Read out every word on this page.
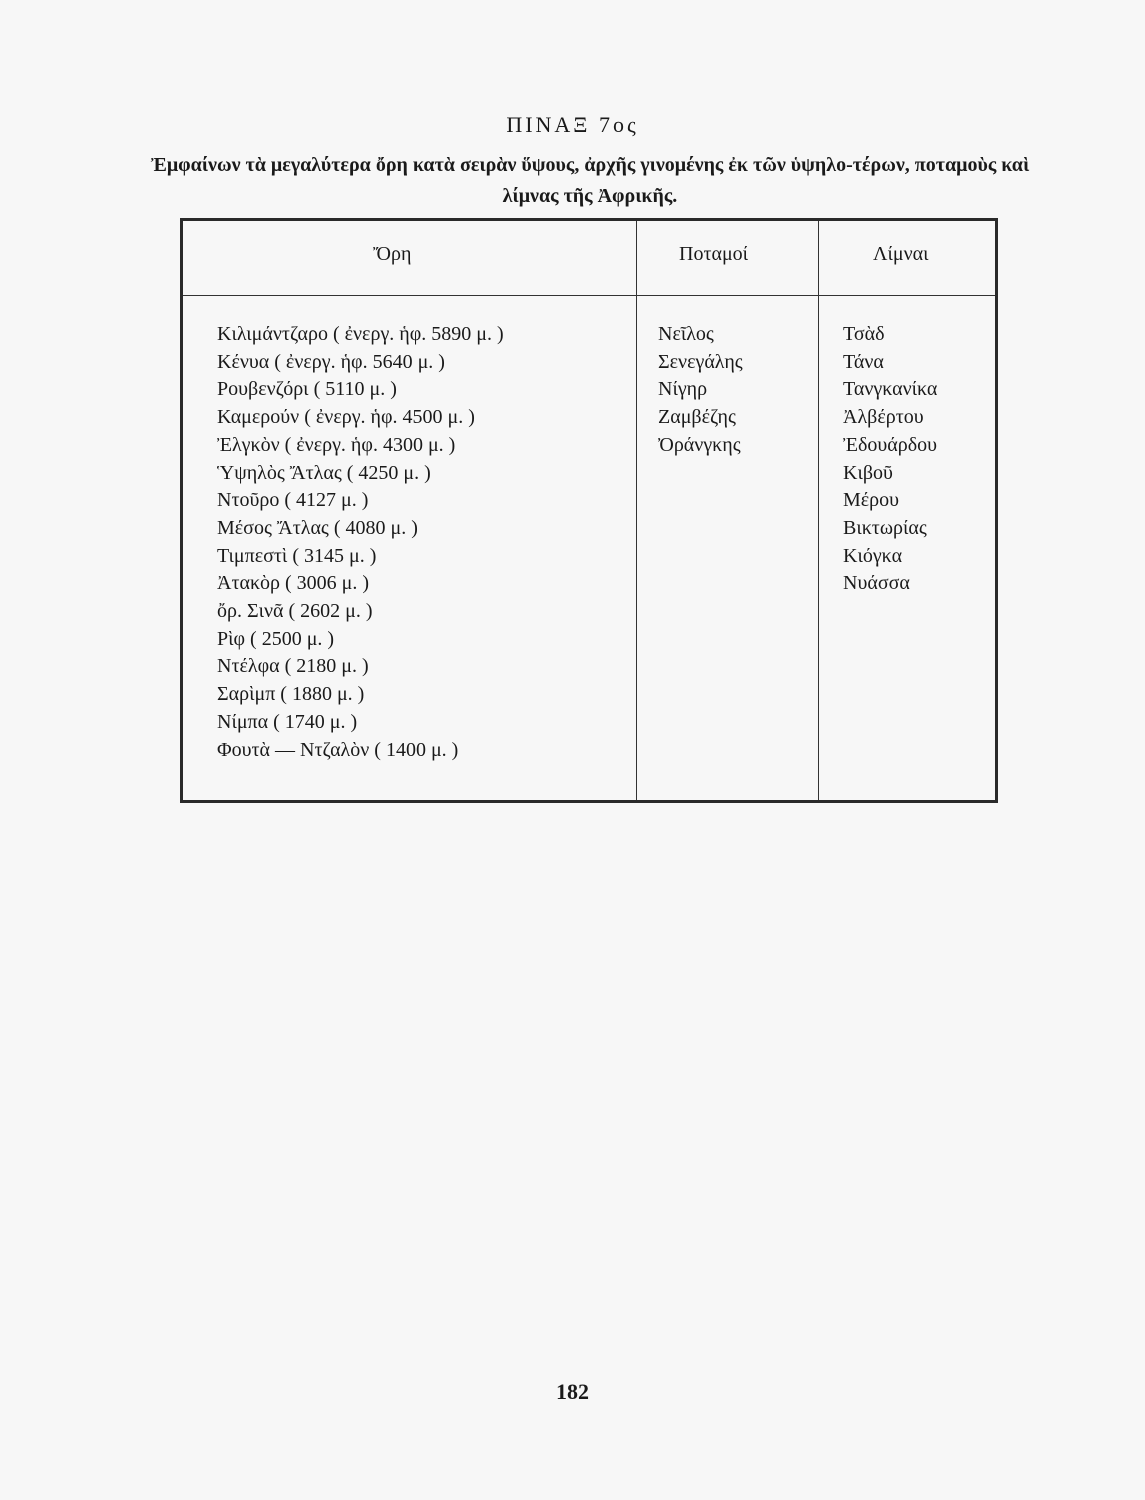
ΠΙΝΑΞ 7ος
Ἐμφαίνων τὰ μεγαλύτερα ὄρη κατὰ σειρὰν ὕψους, ἀρχῆς γινομένης ἐκ τῶν ὑψηλο-τέρων, ποταμοὺς καὶ λίμνας τῆς Ἀφρικῆς.
Ὄρη	Ποταμοί	Λίμναι
Κιλιμάντζαρο ( ἐνεργ. ἡφ. 5890 μ. )
Κένυα ( ἐνεργ. ἡφ. 5640 μ. )
Ρουβενζόρι ( 5110 μ. )
Καμερούν ( ἐνεργ. ἡφ. 4500 μ. )
Ἐλγκὸν ( ἐνεργ. ἡφ. 4300 μ. )
Ὑψηλὸς Ἄτλας ( 4250 μ. )
Ντοῦρο ( 4127 μ. )
Μέσος Ἄτλας ( 4080 μ. )
Τιμπεστὶ ( 3145 μ. )
Ἀτακὸρ ( 3006 μ. )
ὄρ. Σινᾶ ( 2602 μ. )
Ρὶφ ( 2500 μ. )
Ντέλφα ( 2180 μ. )
Σαρὶμπ ( 1880 μ. )
Νίμπα ( 1740 μ. )
Φουτὰ — Ντζαλὸν ( 1400 μ. )
Νεῖλος
Σενεγάλης
Νίγηρ
Ζαμβέζης
Ὀράνγκης
Τσὰδ
Τάνα
Τανγκανίκα
Ἀλβέρτου
Ἐδουάρδου
Κιβοῦ
Μέρου
Βικτωρίας
Κιόγκα
Νυάσσα
182
